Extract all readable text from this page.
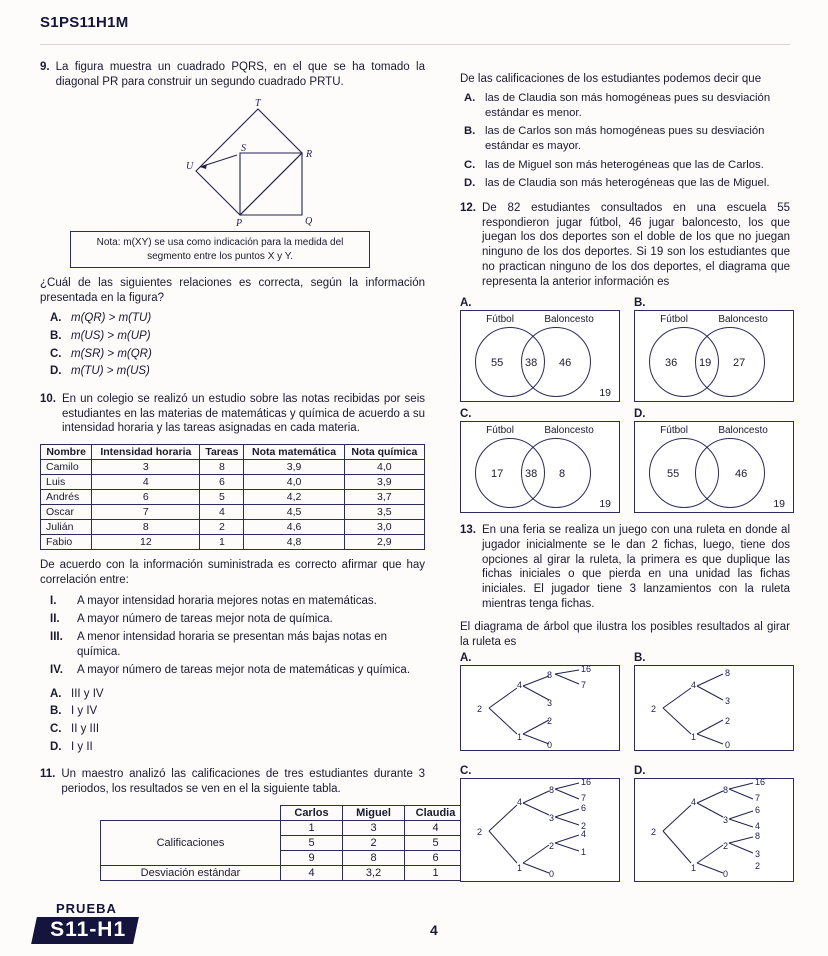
S1PS11H1M
9. La figura muestra un cuadrado PQRS, en el que se ha tomado la diagonal PR para construir un segundo cuadrado PRTU.
T
U
S
R
P	Q
Nota: m(XY) se usa como indicación para la medida del segmento entre los puntos X y Y.
¿Cuál de las siguientes relaciones es correcta, según la información presentada en la figura?
A. m(QR) > m(TU)
B. m(US) > m(UP)
C. m(SR) > m(QR)
D. m(TU) > m(US)
10. En un colegio se realizó un estudio sobre las notas recibidas por seis estudiantes en las materias de matemáticas y química de acuerdo a su intensidad horaria y las tareas asignadas en cada materia.
Nombre	Intensidad horaria	Tareas	Nota matemática	Nota química
Camilo	3	8	3,9	4,0
Luis	4	6	4,0	3,9
Andrés	6	5	4,2	3,7
Oscar	7	4	4,5	3,5
Julián	8	2	4,6	3,0
Fabio	12	1	4,8	2,9
De acuerdo con la información suministrada es correcto afirmar que hay correlación entre:
I.	A mayor intensidad horaria mejores notas en matemáticas.
II.	A mayor número de tareas mejor nota de química.
III.	A menor intensidad horaria se presentan más bajas notas en química.
IV.	A mayor número de tareas mejor nota de matemáticas y química.
A. III y IV
B. I y IV
C. II y III
D. I y II
11. Un maestro analizó las calificaciones de tres estudiantes durante 3 periodos, los resultados se ven en el la siguiente tabla.
	Carlos	Miguel	Claudia
Calificaciones	1	3	4
	5	2	5
	9	8	6
Desviación estándar	4	3,2	1
De las calificaciones de los estudiantes podemos decir que
A. las de Claudia son más homogéneas pues su desviación estándar es menor.
B. las de Carlos son más homogéneas pues su desviación estándar es mayor.
C. las de Miguel son más heterogéneas que las de Carlos.
D. las de Claudia son más heterogéneas que las de Miguel.
12. De 82 estudiantes consultados en una escuela 55 respondieron jugar fútbol, 46 jugar baloncesto, los que juegan los dos deportes son el doble de los que no juegan ninguno de los dos deportes. Si 19 son los estudiantes que no practican ninguno de los dos deportes, el diagrama que representa la anterior información es
A.
Fútbol	Baloncesto
55 38 46
19
B.
Fútbol	Baloncesto
36 19 27
C.
Fútbol	Baloncesto
17 38 8
19
D.
Fútbol	Baloncesto
55	46
19
13. En una feria se realiza un juego con una ruleta en donde al jugador inicialmente se le dan 2 fichas, luego, tiene dos opciones al girar la ruleta, la primera es que duplique las fichas iniciales o que pierda en una unidad las fichas iniciales. El jugador tiene 3 lanzamientos con la ruleta mientras tenga fichas.
El diagrama de árbol que ilustra los posibles resultados al girar la ruleta es
A.
2
4
1
8
3
2
0
16
7
B.
2
4
1
8
3
2
0
C.
2
4
1
8
3
2
0
16
7
6
2
4
1
D.
2
4
1
8
3
2
0
16
7
6
4
8
3
2
PRUEBA
S11-H1	4
